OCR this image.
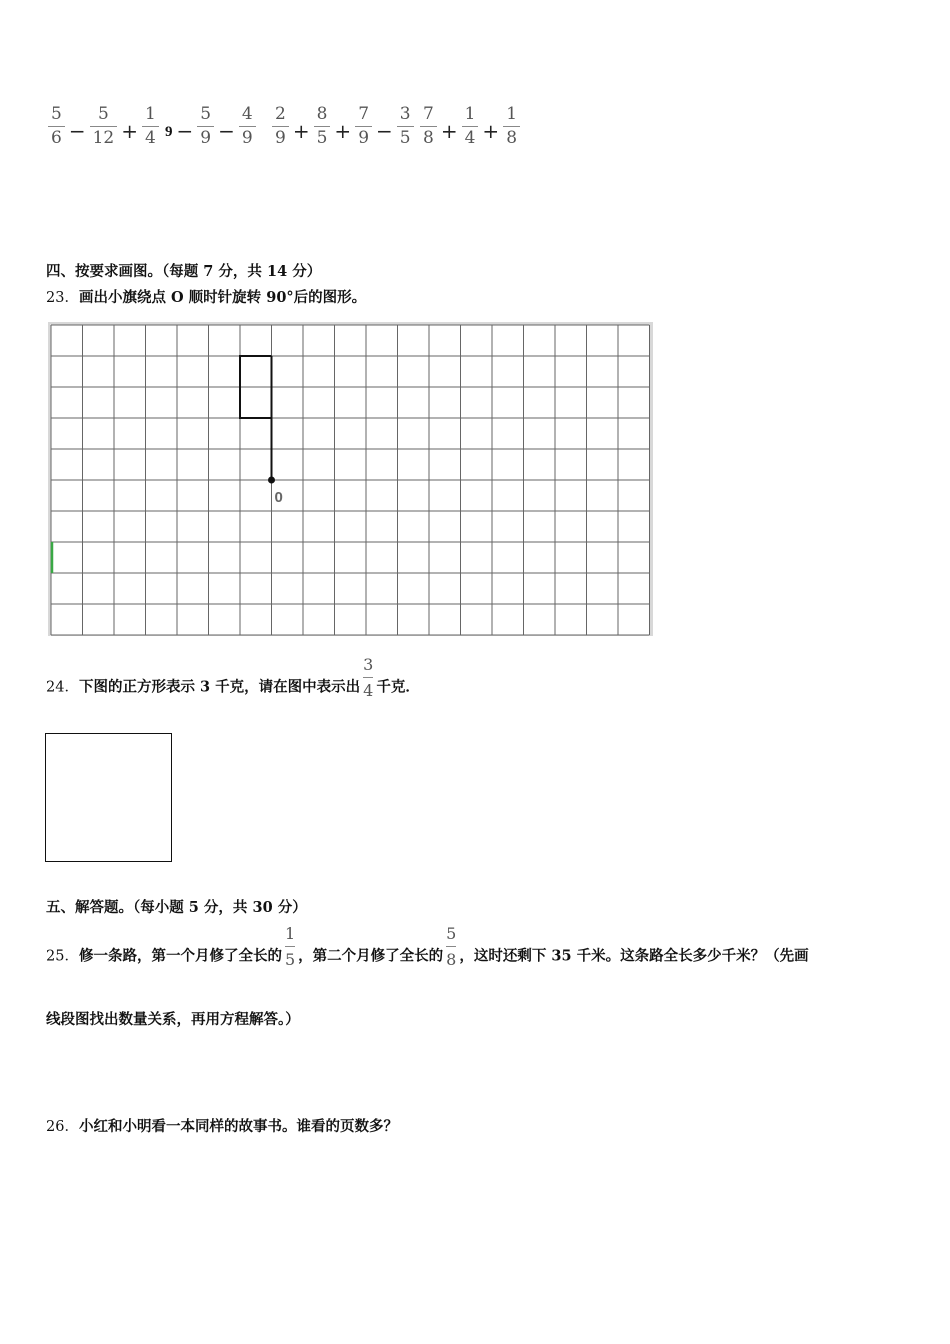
$\frac{5}{6} - \frac{5}{12} + \frac{1}{4} 9 - \frac{5}{9} - \frac{4}{9} \frac{2}{9} + \frac{8}{5} + \frac{7}{9} - \frac{3}{5} \frac{7}{8} + \frac{1}{4} + \frac{1}{8}$
四、按要求画图。（每题 7 分，共 14 分）
23．画出小旗绕点 O 顺时针旋转 90°后的图形。
0
24．下图的正方形表示 3 千克，请在图中表示出 $\frac{3}{4}$ 千克．
五、解答题。（每小题 5 分，共 30 分）
25．修一条路，第一个月修了全长的 $\frac{1}{5}$ ，第二个月修了全长的 $\frac{5}{8}$ ，这时还剩下 35 千米。这条路全长多少千米？（先画
线段图找出数量关系，再用方程解答。）
26．小红和小明看一本同样的故事书。谁看的页数多？
